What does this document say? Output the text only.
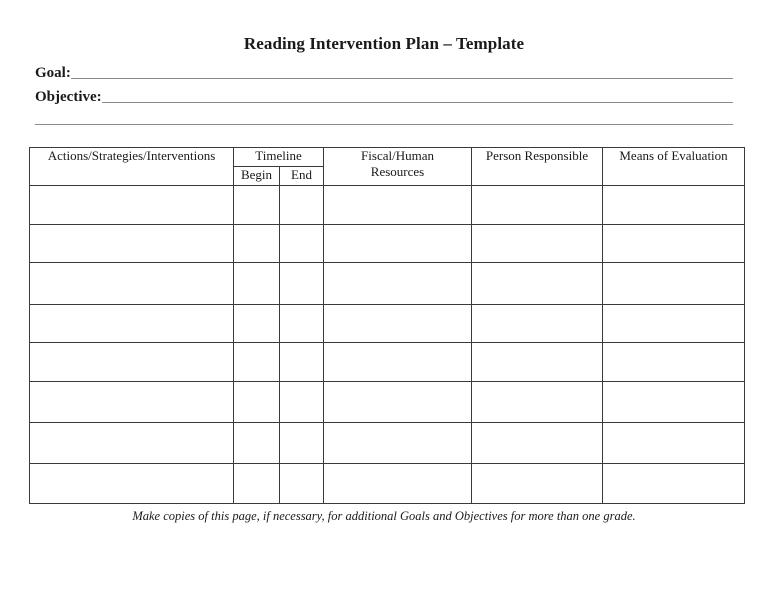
Reading Intervention Plan – Template
Goal:
Objective:
Actions/Strategies/Interventions	Timeline		Fiscal/Human Resources	Person Responsible	Means of Evaluation
	Begin	End			

Make copies of this page, if necessary, for additional Goals and Objectives for more than one grade.
